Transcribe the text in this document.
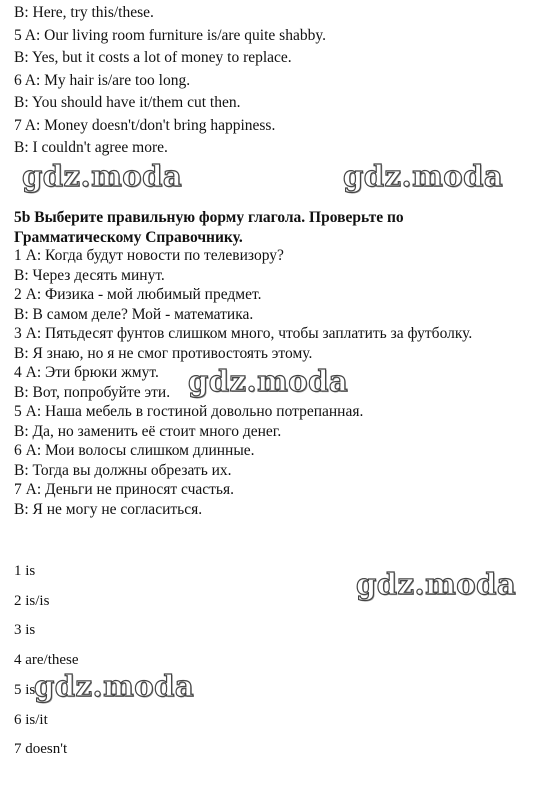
B: Here, try this/these.
5 A: Our living room furniture is/are quite shabby.
B: Yes, but it costs a lot of money to replace.
6 A: My hair is/are too long.
B: You should have it/them cut then.
7 A: Money doesn't/don't bring happiness.
B: I couldn't agree more.
gdz.moda	gdz.moda
5b Выберите правильную форму глагола. Проверьте по
Грамматическому Справочнику.
1 А: Когда будут новости по телевизору?
В: Через десять минут.
2 А: Физика - мой любимый предмет.
В: В самом деле? Мой - математика.
3 А: Пятьдесят фунтов слишком много, чтобы заплатить за футболку.
В: Я знаю, но я не смог противостоять этому.
4 А: Эти брюки жмут.
В: Вот, попробуйте эти.
5 А: Наша мебель в гостиной довольно потрепанная.
В: Да, но заменить её стоит много денег.
6 А: Мои волосы слишком длинные.
В: Тогда вы должны обрезать их.
7 А: Деньги не приносят счастья.
В: Я не могу не согласиться.
gdz.moda
1 is
2 is/is
3 is
4 are/these
5 is
6 is/it
7 doesn't
gdz.moda
gdz.moda
